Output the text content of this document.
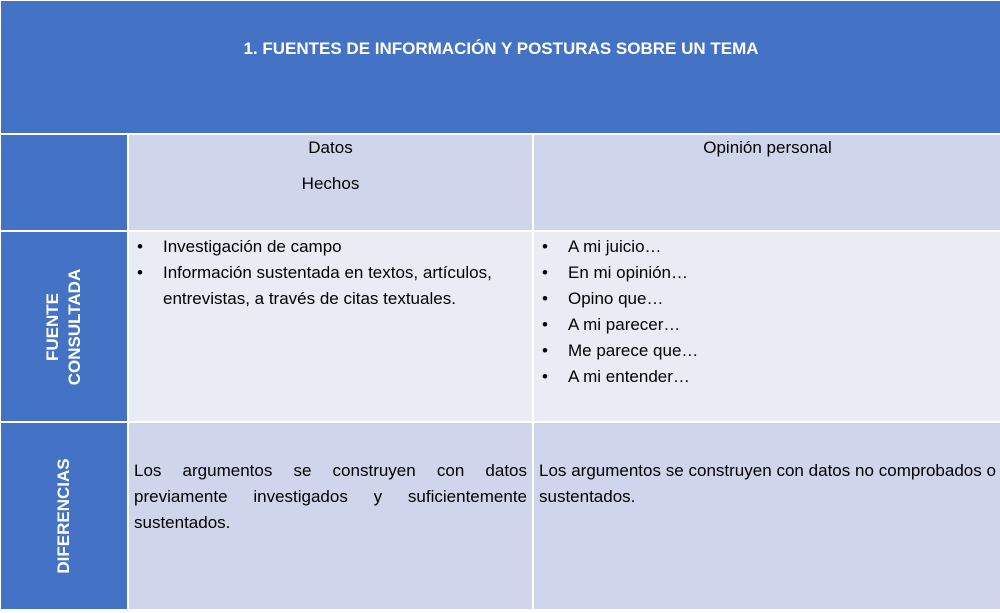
1. FUENTES DE INFORMACIÓN Y POSTURAS SOBRE UN TEMA
Datos
Hechos
Opinión personal
FUENTE CONSULTADA
• Investigación de campo
• Información sustentada en textos, artículos, entrevistas, a través de citas textuales.
• A mi juicio…
• En mi opinión…
• Opino que…
• A mi parecer…
• Me parece que…
• A mi entender…
DIFERENCIAS	Los argumentos se construyen con datos previamente investigados y suficientemente sustentados.
Los argumentos se construyen con datos no comprobados o sustentados.
